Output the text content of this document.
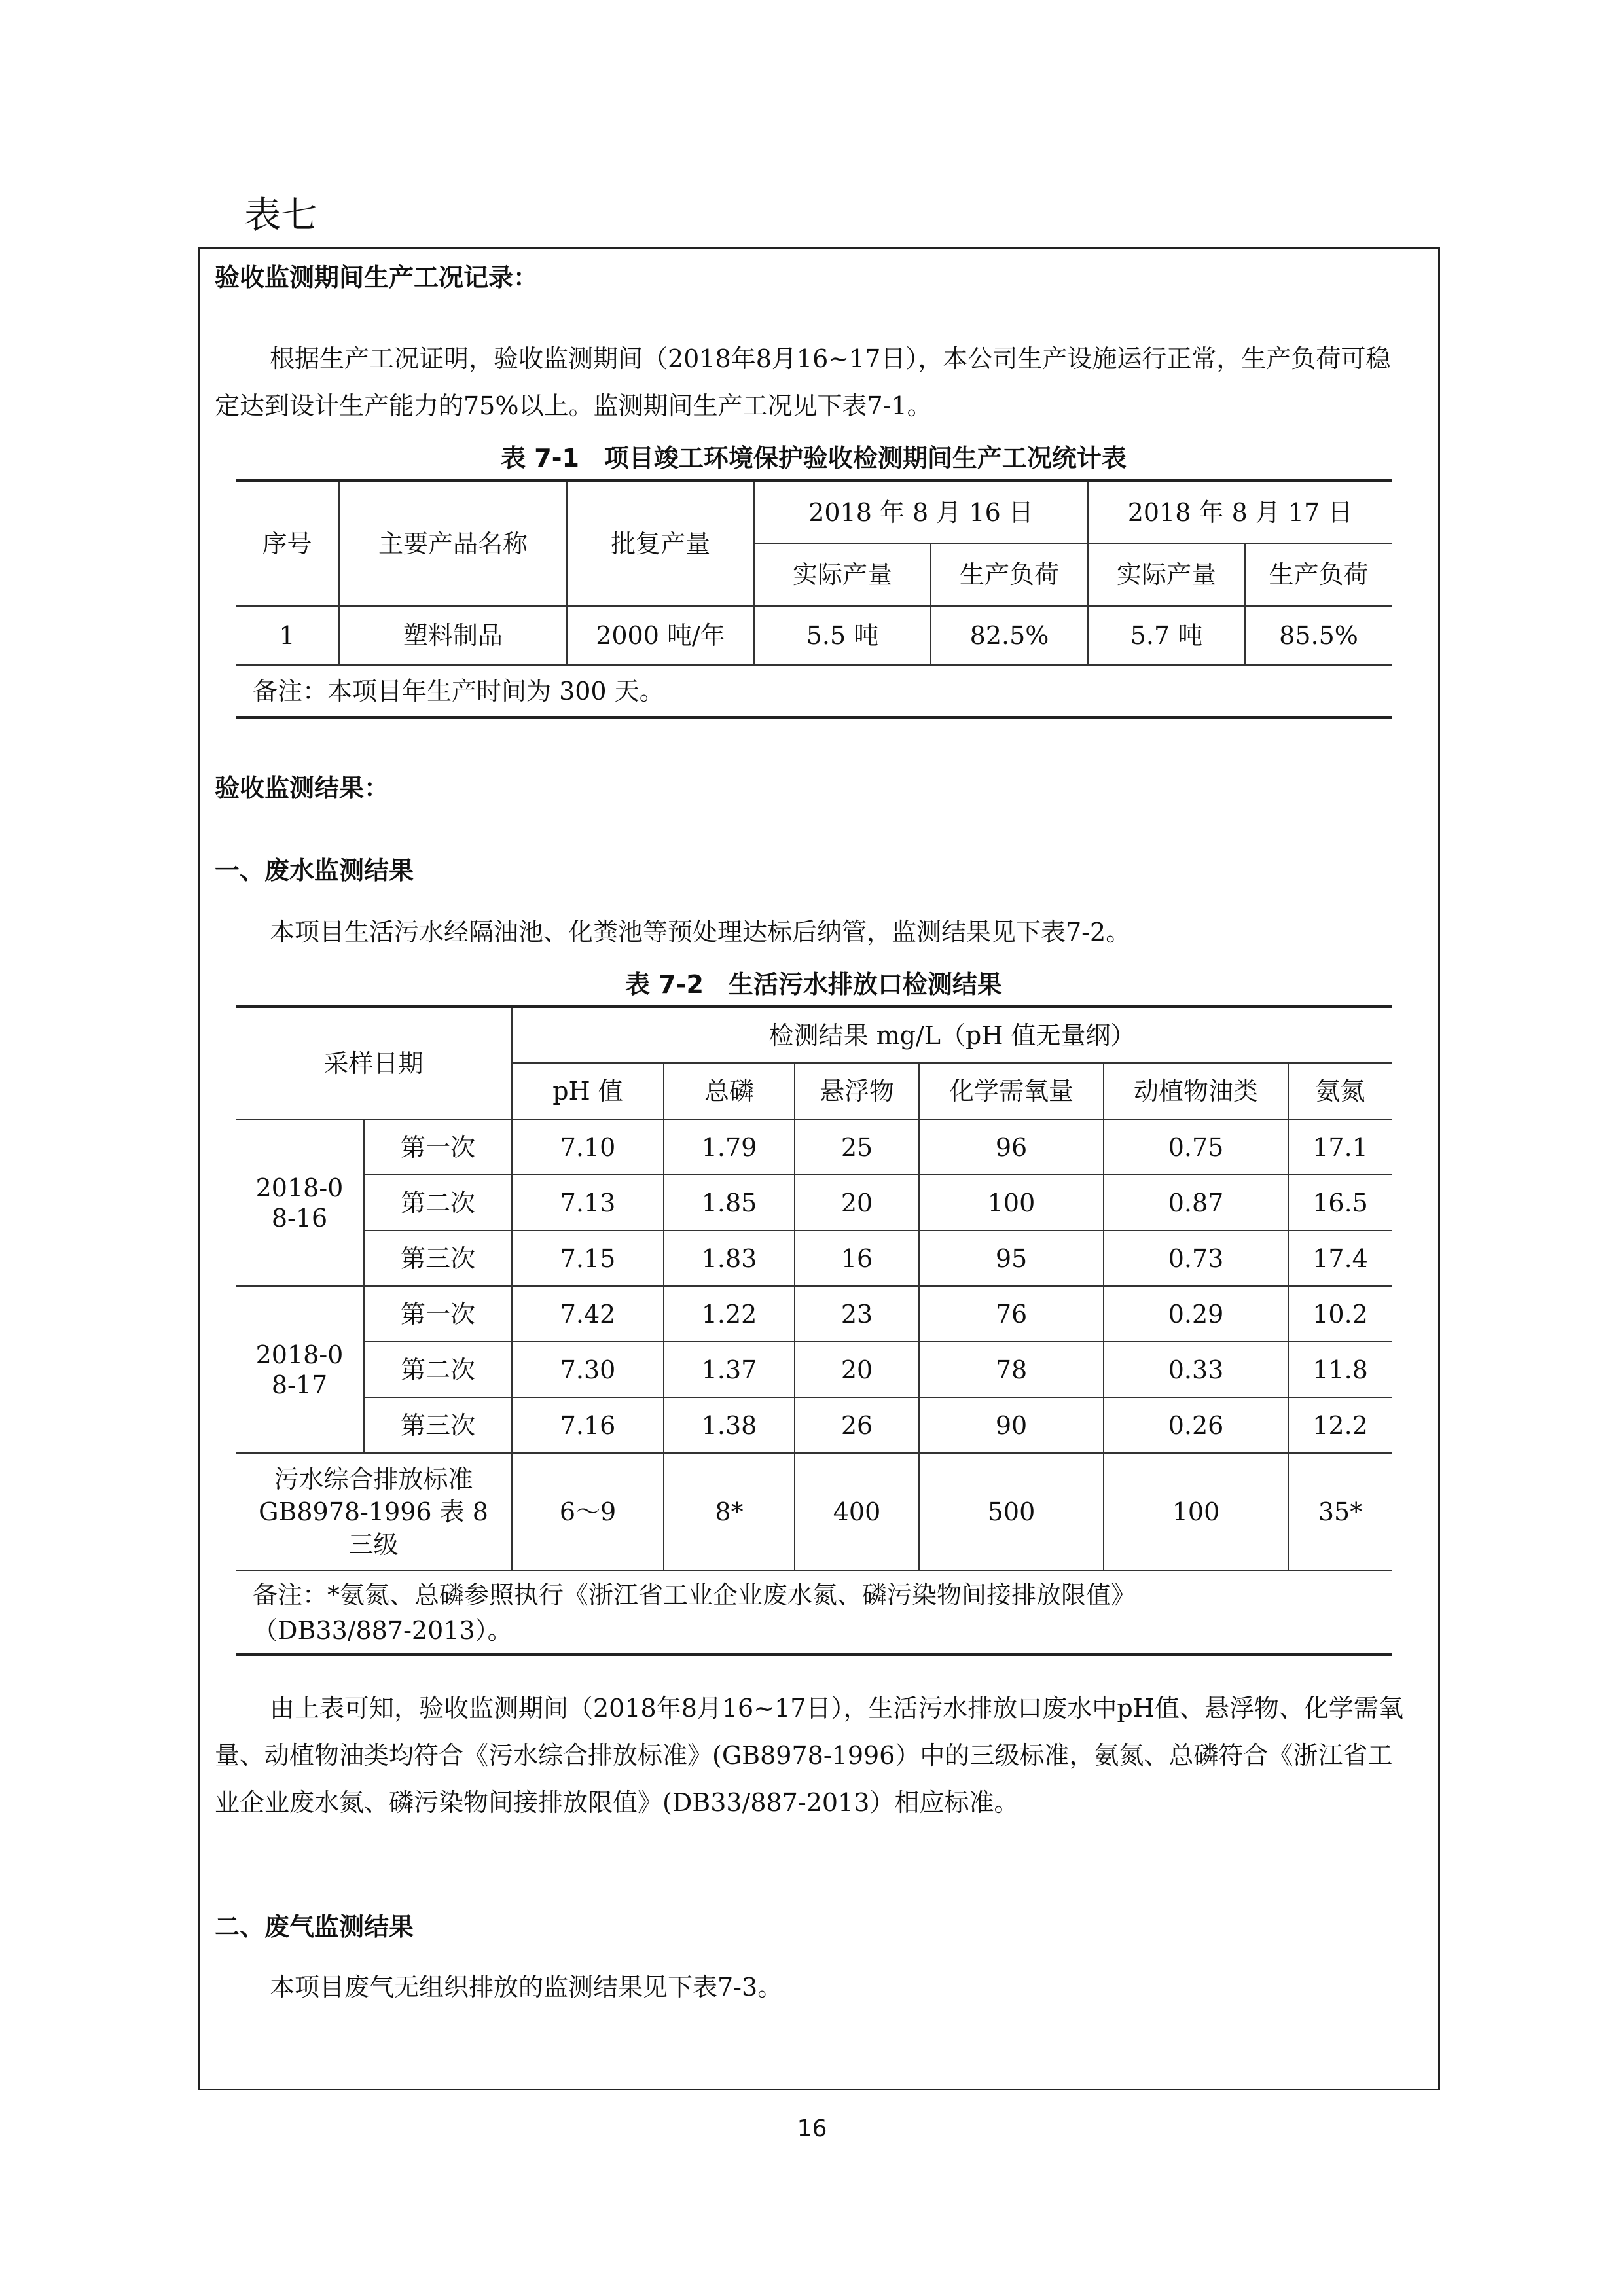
表七
验收监测期间生产工况记录：
根据生产工况证明，验收监测期间（2018年8月16~17日），本公司生产设施运行正常，生产负荷可稳定达到设计生产能力的75%以上。监测期间生产工况见下表7-1。
表 7-1　项目竣工环境保护验收检测期间生产工况统计表
序号	主要产品名称	批复产量	2018 年 8 月 16 日		2018 年 8 月 17 日	
			实际产量	生产负荷	实际产量	生产负荷
1	塑料制品	2000 吨/年	5.5 吨	82.5%	5.7 吨	85.5%
备注：本项目年生产时间为 300 天。						
验收监测结果：
一、废水监测结果
本项目生活污水经隔油池、化粪池等预处理达标后纳管，监测结果见下表7-2。
表 7-2　生活污水排放口检测结果
采样日期		检测结果 mg/L（pH 值无量纲）					
		pH 值	总磷	悬浮物	化学需氧量	动植物油类	氨氮
2018-08-16	第一次	7.10	1.79	25	96	0.75	17.1
	第二次	7.13	1.85	20	100	0.87	16.5
	第三次	7.15	1.83	16	95	0.73	17.4
2018-08-17	第一次	7.42	1.22	23	76	0.29	10.2
	第二次	7.30	1.37	20	78	0.33	11.8
	第三次	7.16	1.38	26	90	0.26	12.2

污水综合排放标准
GB8978-1996 表 8
三级		6～9	8*	400	500	100	35*

备注：*氨氮、总磷参照执行《浙江省工业企业废水氮、磷污染物间接排放限值》
（DB33/887-2013）。							
由上表可知，验收监测期间（2018年8月16~17日），生活污水排放口废水中pH值、悬浮物、化学需氧量、动植物油类均符合《污水综合排放标准》(GB8978-1996）中的三级标准，氨氮、总磷符合《浙江省工业企业废水氮、磷污染物间接排放限值》(DB33/887-2013）相应标准。
二、废气监测结果
本项目废气无组织排放的监测结果见下表7-3。
16
